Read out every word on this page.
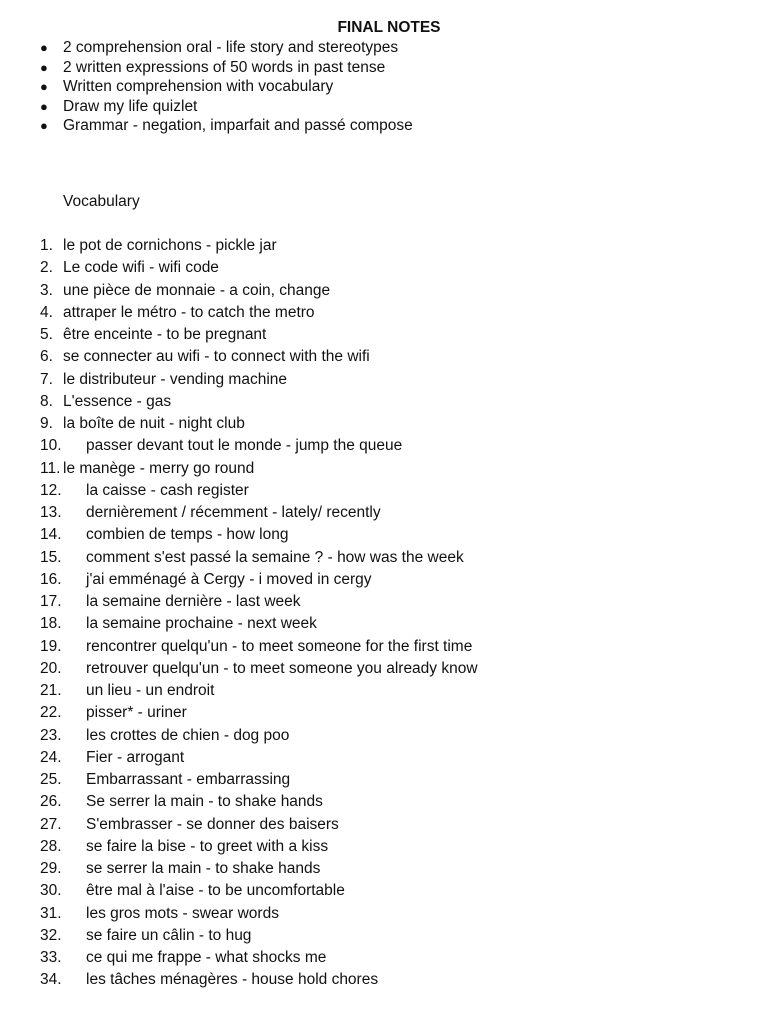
FINAL NOTES
● 2 comprehension oral - life story and stereotypes
● 2 written expressions of 50 words in past tense
● Written comprehension with vocabulary
● Draw my life quizlet
● Grammar - negation, imparfait and passé compose
Vocabulary
1. le pot de cornichons - pickle jar
2. Le code wifi - wifi code
3. une pièce de monnaie - a coin, change
4. attraper le métro - to catch the metro
5. être enceinte - to be pregnant
6. se connecter au wifi - to connect with the wifi
7. le distributeur - vending machine
8. L'essence - gas
9. la boîte de nuit - night club
10. passer devant tout le monde - jump the queue
11. le manège - merry go round
12. la caisse - cash register
13. dernièrement / récemment - lately/ recently
14. combien de temps - how long
15. comment s'est passé la semaine ? - how was the week
16. j'ai emménagé à Cergy - i moved in cergy
17. la semaine dernière - last week
18. la semaine prochaine - next week
19. rencontrer quelqu'un - to meet someone for the first time
20. retrouver quelqu'un - to meet someone you already know
21. un lieu - un endroit
22. pisser* - uriner
23. les crottes de chien - dog poo
24. Fier - arrogant
25. Embarrassant - embarrassing
26. Se serrer la main - to shake hands
27. S'embrasser - se donner des baisers
28. se faire la bise - to greet with a kiss
29. se serrer la main - to shake hands
30. être mal à l'aise - to be uncomfortable
31. les gros mots - swear words
32. se faire un câlin - to hug
33. ce qui me frappe - what shocks me
34. les tâches ménagères - house hold chores
